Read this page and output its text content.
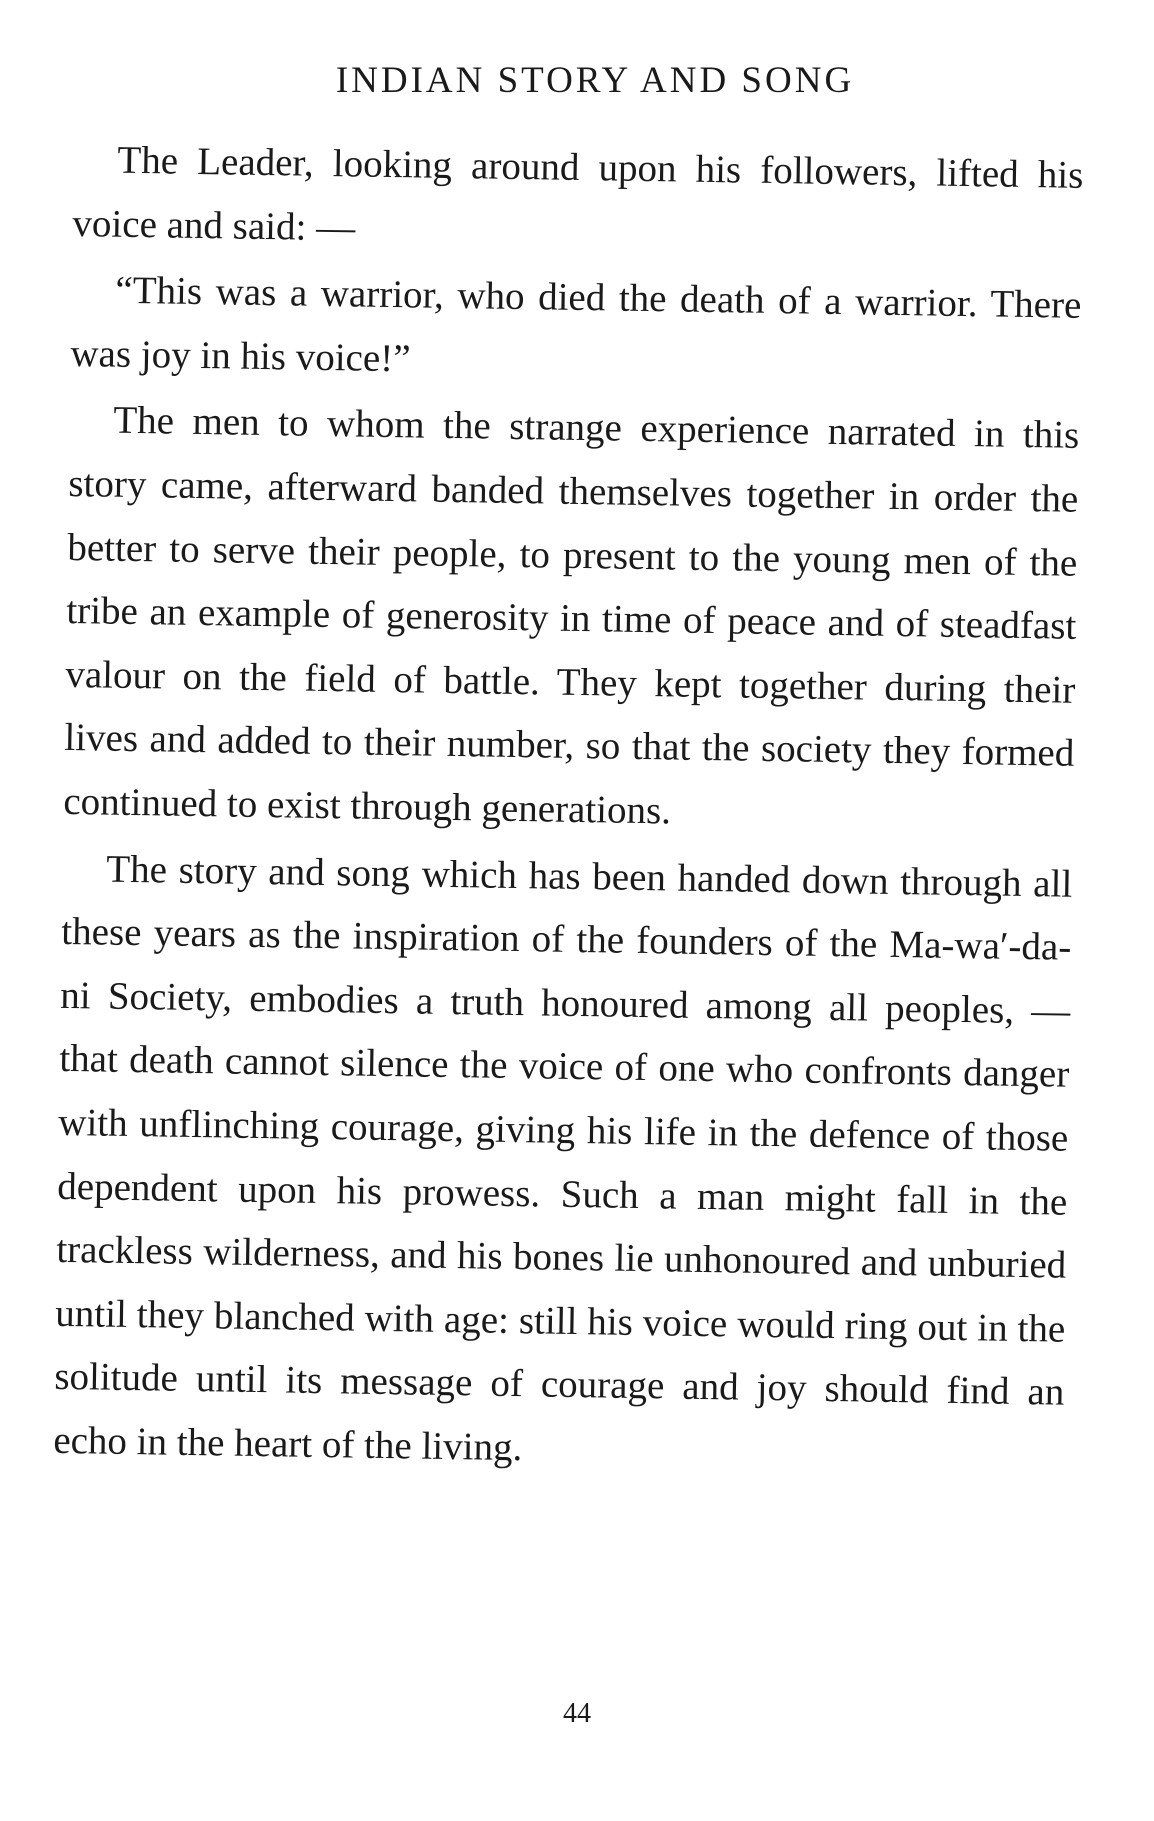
INDIAN STORY AND SONG

The Leader, looking around upon his followers, lifted his voice and said: —

“This was a warrior, who died the death of a warrior. There was joy in his voice!”

The men to whom the strange experience narrated in this story came, afterward banded themselves together in order the better to serve their people, to present to the young men of the tribe an example of generosity in time of peace and of steadfast valour on the field of battle. They kept together during their lives and added to their number, so that the society they formed continued to exist through generations.

The story and song which has been handed down through all these years as the inspiration of the founders of the Ma-wa′-da-ni Society, embodies a truth honoured among all peoples, — that death cannot silence the voice of one who confronts danger with unflinching courage, giving his life in the defence of those dependent upon his prowess. Such a man might fall in the trackless wilderness, and his bones lie unhonoured and unburied until they blanched with age: still his voice would ring out in the solitude until its message of courage and joy should find an echo in the heart of the living.

44
